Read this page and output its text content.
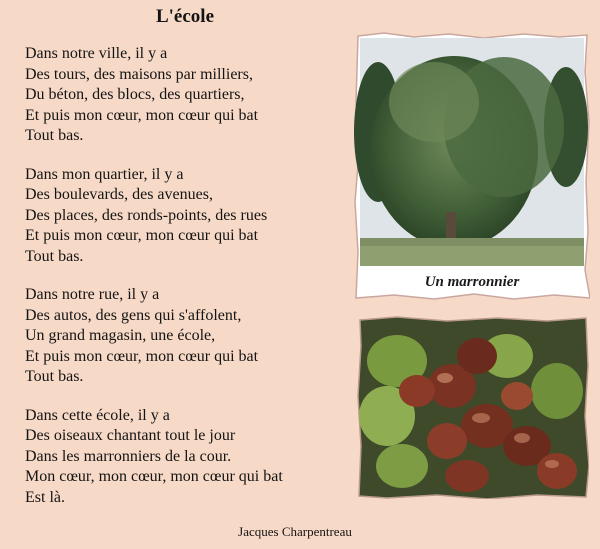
L'école

Dans notre ville, il y a
Des tours, des maisons par milliers,
Du béton, des blocs, des quartiers,
Et puis mon cœur, mon cœur qui bat
Tout bas.

Dans mon quartier, il y a
Des boulevards, des avenues,
Des places, des ronds-points, des rues
Et puis mon cœur, mon cœur qui bat
Tout bas.

Dans notre rue, il y a
Des autos, des gens qui s'affolent,
Un grand magasin, une école,
Et puis mon cœur, mon cœur qui bat
Tout bas.

Dans cette école, il y a
Des oiseaux chantant tout le jour
Dans les marronniers de la cour.
Mon cœur, mon cœur, mon cœur qui bat
Est là.

Un marronnier
Jacques Charpentreau
